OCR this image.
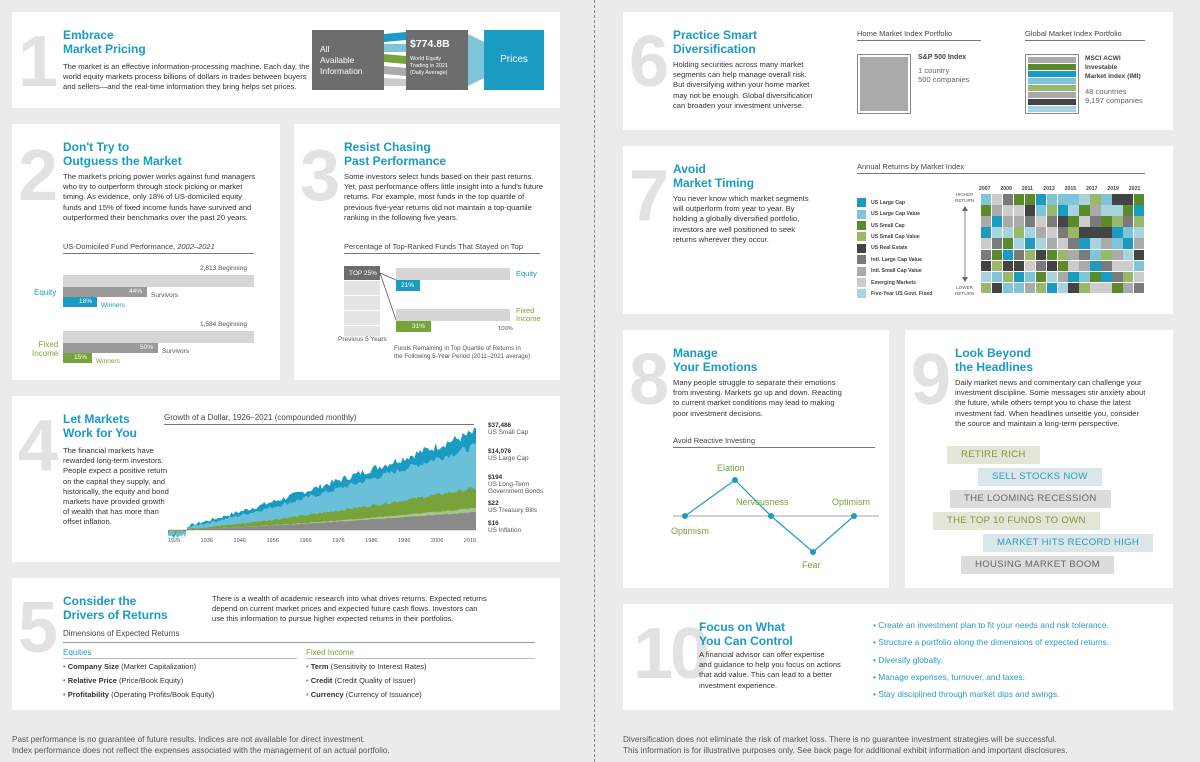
1 Embrace
Market Pricing
The market is an effective information-processing machine. Each day, the
world equity markets process billions of dollars in trades between buyers
and sellers—and the real-time information they bring helps set prices.
All
Available
Information
$774.8B
World Equity
Trading in 2021
(Daily Average)
Prices
2 Don't Try to
Outguess the Market
The market's pricing power works against fund managers
who try to outperform through stock picking or market
timing. As evidence, only 18% of US-domiciled equity
funds and 15% of fixed income funds have survived and
outperformed their benchmarks over the past 20 years.
US-Domiciled Fund Performance, 2002–2021
2,813 Beginning
Equity	44%
Survivors
18%
Winners
1,584 Beginning
Fixed
Income
50%
Survivors
15%
Winners
3 Resist Chasing
Past Performance
Some investors select funds based on their past returns.
Yet, past performance offers little insight into a fund's future
returns. For example, most funds in the top quartile of
previous five-year returns did not maintain a top-quartile
ranking in the following five years.
Percentage of Top-Ranked Funds That Stayed on Top
TOP 25%
Previous 5 Years
Equity
21%
Fixed
Income
31%	100%
Funds Remaining in Top Quartile of Returns in
the Following 5-Year Period (2011–2021 average)
4 Let Markets
Work for You
The financial markets have
rewarded long-term investors.
People expect a positive return
on the capital they supply, and
historically, the equity and bond
markets have provided growth
of wealth that has more than
offset inflation.
Growth of a Dollar, 1926–2021 (compounded monthly)
1926	1936	1946	1956	1966	1976	1986	1996	2006	2016
$37,486
US Small Cap
$14,076
US Large Cap
$194
US Long-Term
Government Bonds
$22
US Treasury Bills
$16
US Inflation
5 Consider the
Drivers of Returns
There is a wealth of academic research into what drives returns. Expected returns
depend on current market prices and expected future cash flows. Investors can
use this information to pursue higher expected returns in their portfolios.
Dimensions of Expected Returns
Equities	Fixed Income
• Company Size (Market Capitalization)
• Relative Price (Price/Book Equity)
• Profitability (Operating Profits/Book Equity)
• Term (Sensitivity to Interest Rates)
• Credit (Credit Quality of Issuer)
• Currency (Currency of Issuance)
6 Practice Smart
Diversification
Holding securities across many market
segments can help manage overall risk.
But diversifying within your home market
may not be enough. Global diversification
can broaden your investment universe.
Home Market Index Portfolio
S&P 500 Index
1 country
500 companies
Global Market Index Portfolio
MSCI ACWI
Investable
Market Index (IMI)
48 countries
9,197 companies
7 Avoid
Market Timing
You never know which market segments
will outperform from year to year. By
holding a globally diversified portfolio,
investors are well positioned to seek
returns wherever they occur.
Annual Returns by Market Index
US Large Cap
US Large Cap Value
US Small Cap
US Small Cap Value
US Real Estate
Intl. Large Cap Value
Intl. Small Cap Value
Emerging Markets
Five-Year US Govt. Fixed
HIGHER
RETURN
LOWER
RETURN
2007 2009 2011 2013 2015 2017 2019 2021
8 Manage
Your Emotions
Many people struggle to separate their emotions
from investing. Markets go up and down. Reacting
to current market conditions may lead to making
poor investment decisions.
Avoid Reactive Investing
Optimism
Elation
Nervousness
Fear
Optimism
9 Look Beyond
the Headlines
Daily market news and commentary can challenge your
investment discipline. Some messages stir anxiety about
the future, while others tempt you to chase the latest
investment fad. When headlines unsettle you, consider
the source and maintain a long-term perspective.
RETIRE RICH
SELL STOCKS NOW
THE LOOMING RECESSION
THE TOP 10 FUNDS TO OWN
MARKET HITS RECORD HIGH
HOUSING MARKET BOOM
10
Focus on What
You Can Control
A financial advisor can offer expertise
and guidance to help you focus on actions
that add value. This can lead to a better
investment experience.
• Create an investment plan to fit your needs and risk tolerance.
• Structure a portfolio along the dimensions of expected returns.
• Diversify globally.
• Manage expenses, turnover, and taxes.
• Stay disciplined through market dips and swings.
Past performance is no guarantee of future results. Indices are not available for direct investment.
Index performance does not reflect the expenses associated with the management of an actual portfolio.
Diversification does not eliminate the risk of market loss. There is no guarantee investment strategies will be successful.
This information is for illustrative purposes only. See back page for additional exhibit information and important disclosures.
